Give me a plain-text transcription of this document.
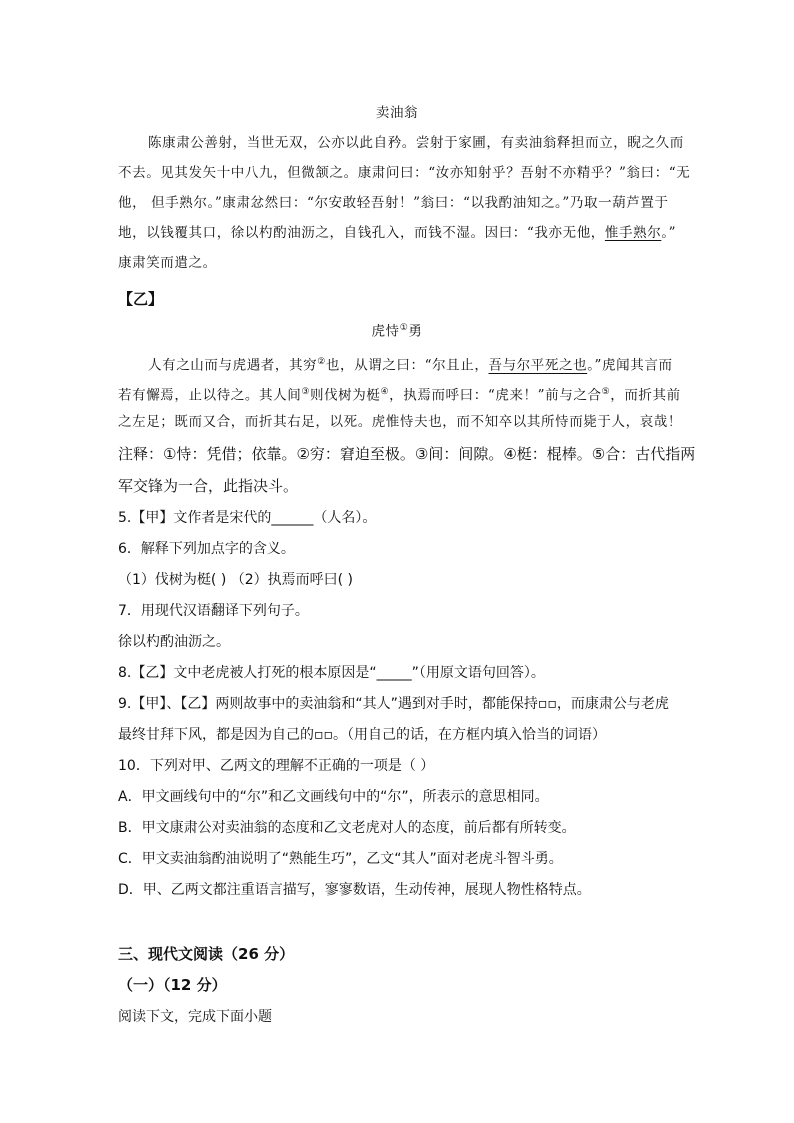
卖油翁
陈康肃公善射，当世无双，公亦以此自矜。尝射于家圃，有卖油翁释担而立，睨之久而
不去。见其发矢十中八九，但微颔之。康肃问曰：“汝亦知射乎？吾射不亦精乎？”翁曰：“无
他， 但手熟尔。”康肃忿然曰：“尔安敢轻吾射！”翁曰：“以我酌油知之。”乃取一葫芦置于
地，以钱覆其口，徐以杓酌油沥之，自钱孔入，而钱不湿。因曰：“我亦无他，惟手熟尔。”
康肃笑而遣之。
【乙】
虎恃①勇
人有之山而与虎遇者，其穷②也，从谓之曰：“尔且止，吾与尔平死之也。”虎闻其言而
若有懈焉，止以待之。其人间③则伐树为梃④，执焉而呼曰：“虎来！”前与之合⑤，而折其前
之左足；既而又合，而折其右足，以死。虎惟恃夫也，而不知卒以其所恃而毙于人，哀哉！
注释：①恃：凭借；依靠。②穷：窘迫至极。③间：间隙。④梃：棍棒。⑤合：古代指两
军交锋为一合，此指决斗。
5.【甲】文作者是宋代的______（人名）。
6．解释下列加点字的含义。
（1）伐树为梃( ) （2）执焉而呼曰( )
7．用现代汉语翻译下列句子。
徐以杓酌油沥之。
8.【乙】文中老虎被人打死的根本原因是“_____”（用原文语句回答）。
9.【甲】、【乙】两则故事中的卖油翁和“其人”遇到对手时，都能保持▫▫，而康肃公与老虎
最终甘拜下风，都是因为自己的▫▫。（用自己的话，在方框内填入恰当的词语）
10．下列对甲、乙两文的理解不正确的一项是（ ）
A．甲文画线句中的“尔”和乙文画线句中的“尔”，所表示的意思相同。
B．甲文康肃公对卖油翁的态度和乙文老虎对人的态度，前后都有所转变。
C．甲文卖油翁酌油说明了“熟能生巧”，乙文“其人”面对老虎斗智斗勇。
D．甲、乙两文都注重语言描写，寥寥数语，生动传神，展现人物性格特点。
三、现代文阅读（26 分）
（一）（12 分）
阅读下文，完成下面小题
